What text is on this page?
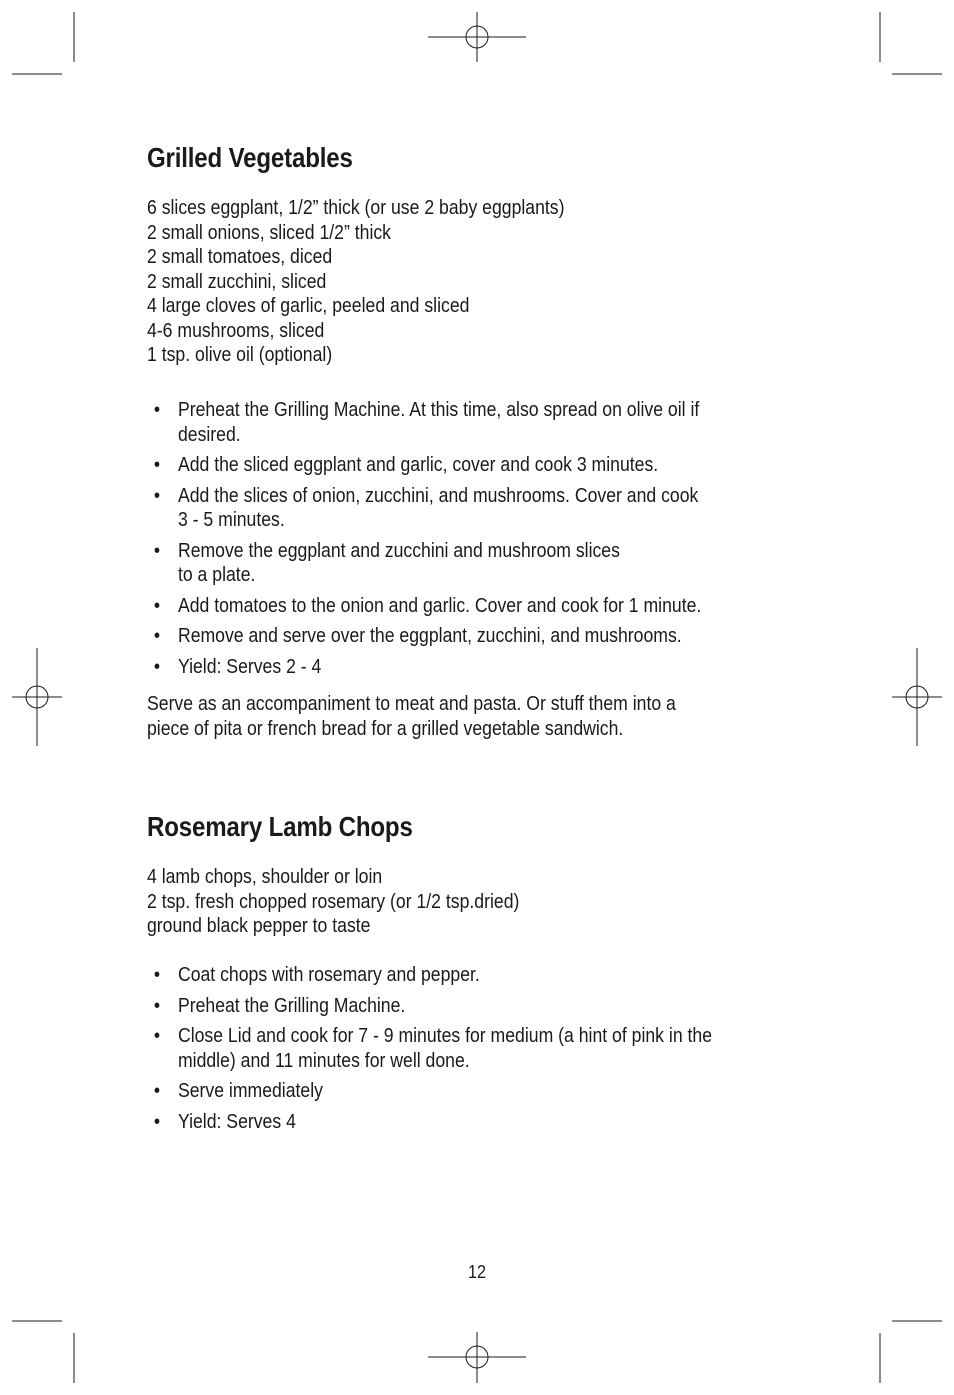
Grilled Vegetables
6 slices eggplant, 1/2” thick (or use 2 baby eggplants)
2 small onions, sliced 1/2” thick
2 small tomatoes, diced
2 small zucchini, sliced
4 large cloves of garlic, peeled and sliced
4-6 mushrooms, sliced
1 tsp. olive oil (optional)
• Preheat the Grilling Machine. At this time, also spread on olive oil if
desired.
• Add the sliced eggplant and garlic, cover and cook 3 minutes.
• Add the slices of onion, zucchini, and mushrooms. Cover and cook
3 - 5 minutes.
• Remove the eggplant and zucchini and mushroom slices
to a plate.
• Add tomatoes to the onion and garlic. Cover and cook for 1 minute.
• Remove and serve over the eggplant, zucchini, and mushrooms.
• Yield: Serves 2 - 4

Serve as an accompaniment to meat and pasta. Or stuff them into a
piece of pita or french bread for a grilled vegetable sandwich.

Rosemary Lamb Chops
4 lamb chops, shoulder or loin
2 tsp. fresh chopped rosemary (or 1/2 tsp.dried)
ground black pepper to taste
• Coat chops with rosemary and pepper.
• Preheat the Grilling Machine.
• Close Lid and cook for 7 - 9 minutes for medium (a hint of pink in the
middle) and 11 minutes for well done.
• Serve immediately
• Yield: Serves 4
12
